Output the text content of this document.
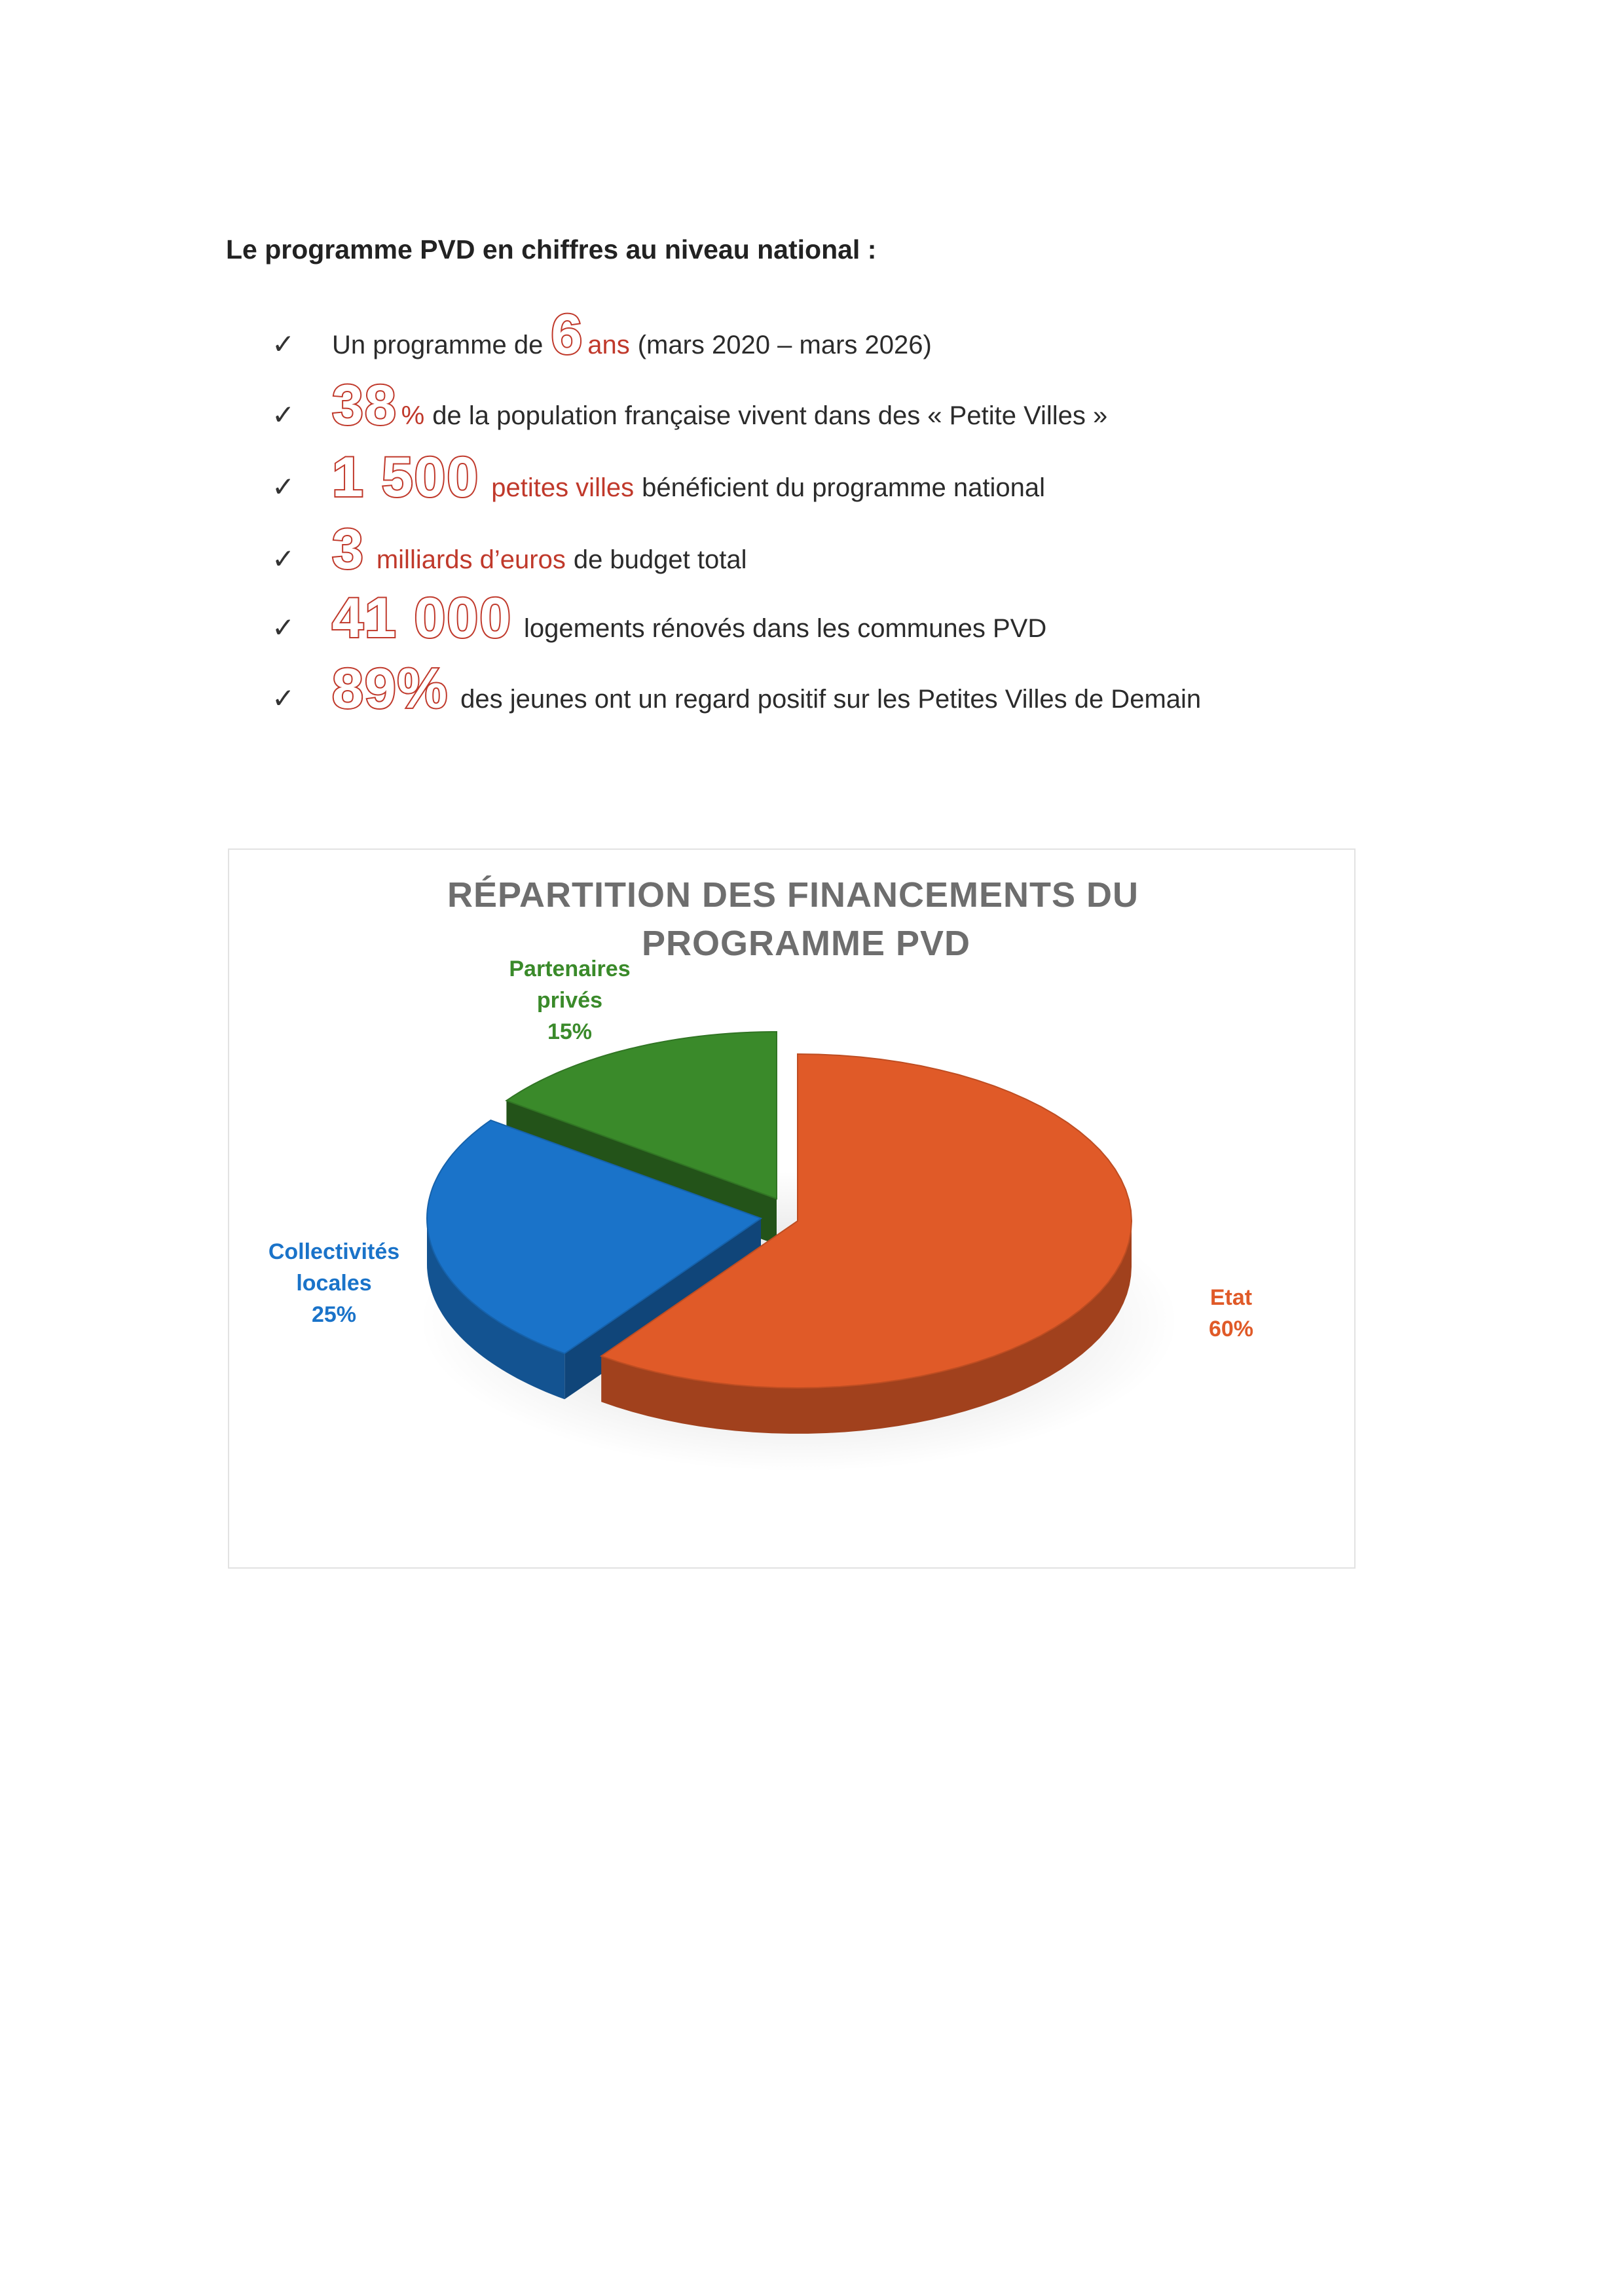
Le programme PVD en chiffres au niveau national :
✓	Un programme de 6 ans (mars 2020 – mars 2026)
✓ 38 % de la population française vivent dans des « Petite Villes »
✓ 1 500 petites villes bénéficient du programme national
✓ 3 milliards d’euros de budget total
✓ 41 000 logements rénovés dans les communes PVD
✓ 89% des jeunes ont un regard positif sur les Petites Villes de Demain
RÉPARTITION DES FINANCEMENTS DU
PROGRAMME PVD
Etat
60%
Collectivités
locales
25%
Partenaires
privés
15%
